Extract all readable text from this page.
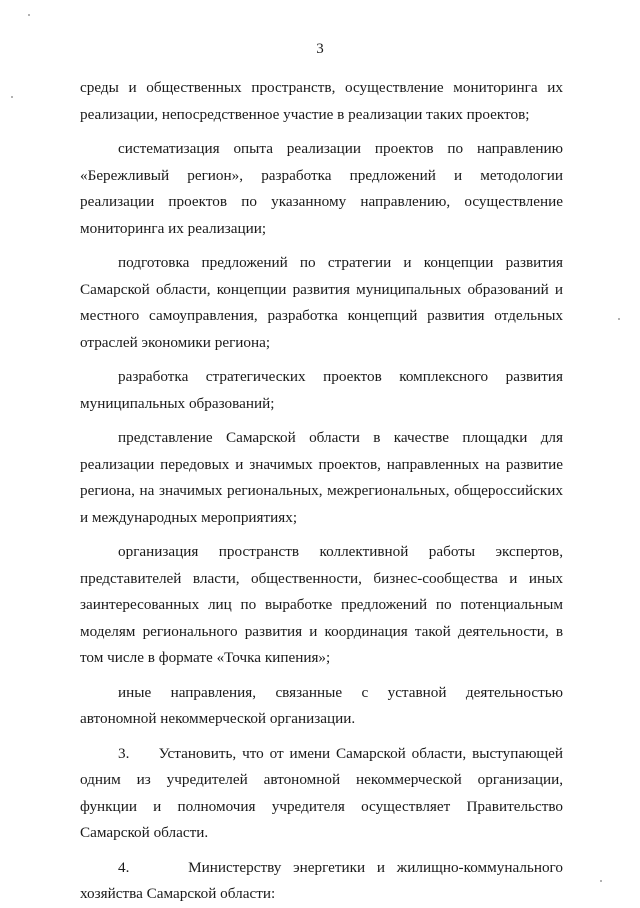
3

среды и общественных пространств, осуществление мониторинга их реализации, непосредственное участие в реализации таких проектов;

систематизация опыта реализации проектов по направлению «Бережливый регион», разработка предложений и методологии реализации проектов по указанному направлению, осуществление мониторинга их реализации;

подготовка предложений по стратегии и концепции развития Самарской области, концепции развития муниципальных образований и местного самоуправления, разработка концепций развития отдельных отраслей экономики региона;

разработка стратегических проектов комплексного развития муниципальных образований;

представление Самарской области в качестве площадки для реализации передовых и значимых проектов, направленных на развитие региона, на значимых региональных, межрегиональных, общероссийских и международных мероприятиях;

организация пространств коллективной работы экспертов, представителей власти, общественности, бизнес-сообщества и иных заинтересованных лиц по выработке предложений по потенциальным моделям регионального развития и координация такой деятельности, в том числе в формате «Точка кипения»;

иные направления, связанные с уставной деятельностью автономной некоммерческой организации.

3.     Установить, что от имени Самарской области, выступающей одним из учредителей автономной некоммерческой организации, функции и полномочия учредителя осуществляет Правительство Самарской области.

4.     Министерству энергетики и жилищно-коммунального хозяйства Самарской области:
